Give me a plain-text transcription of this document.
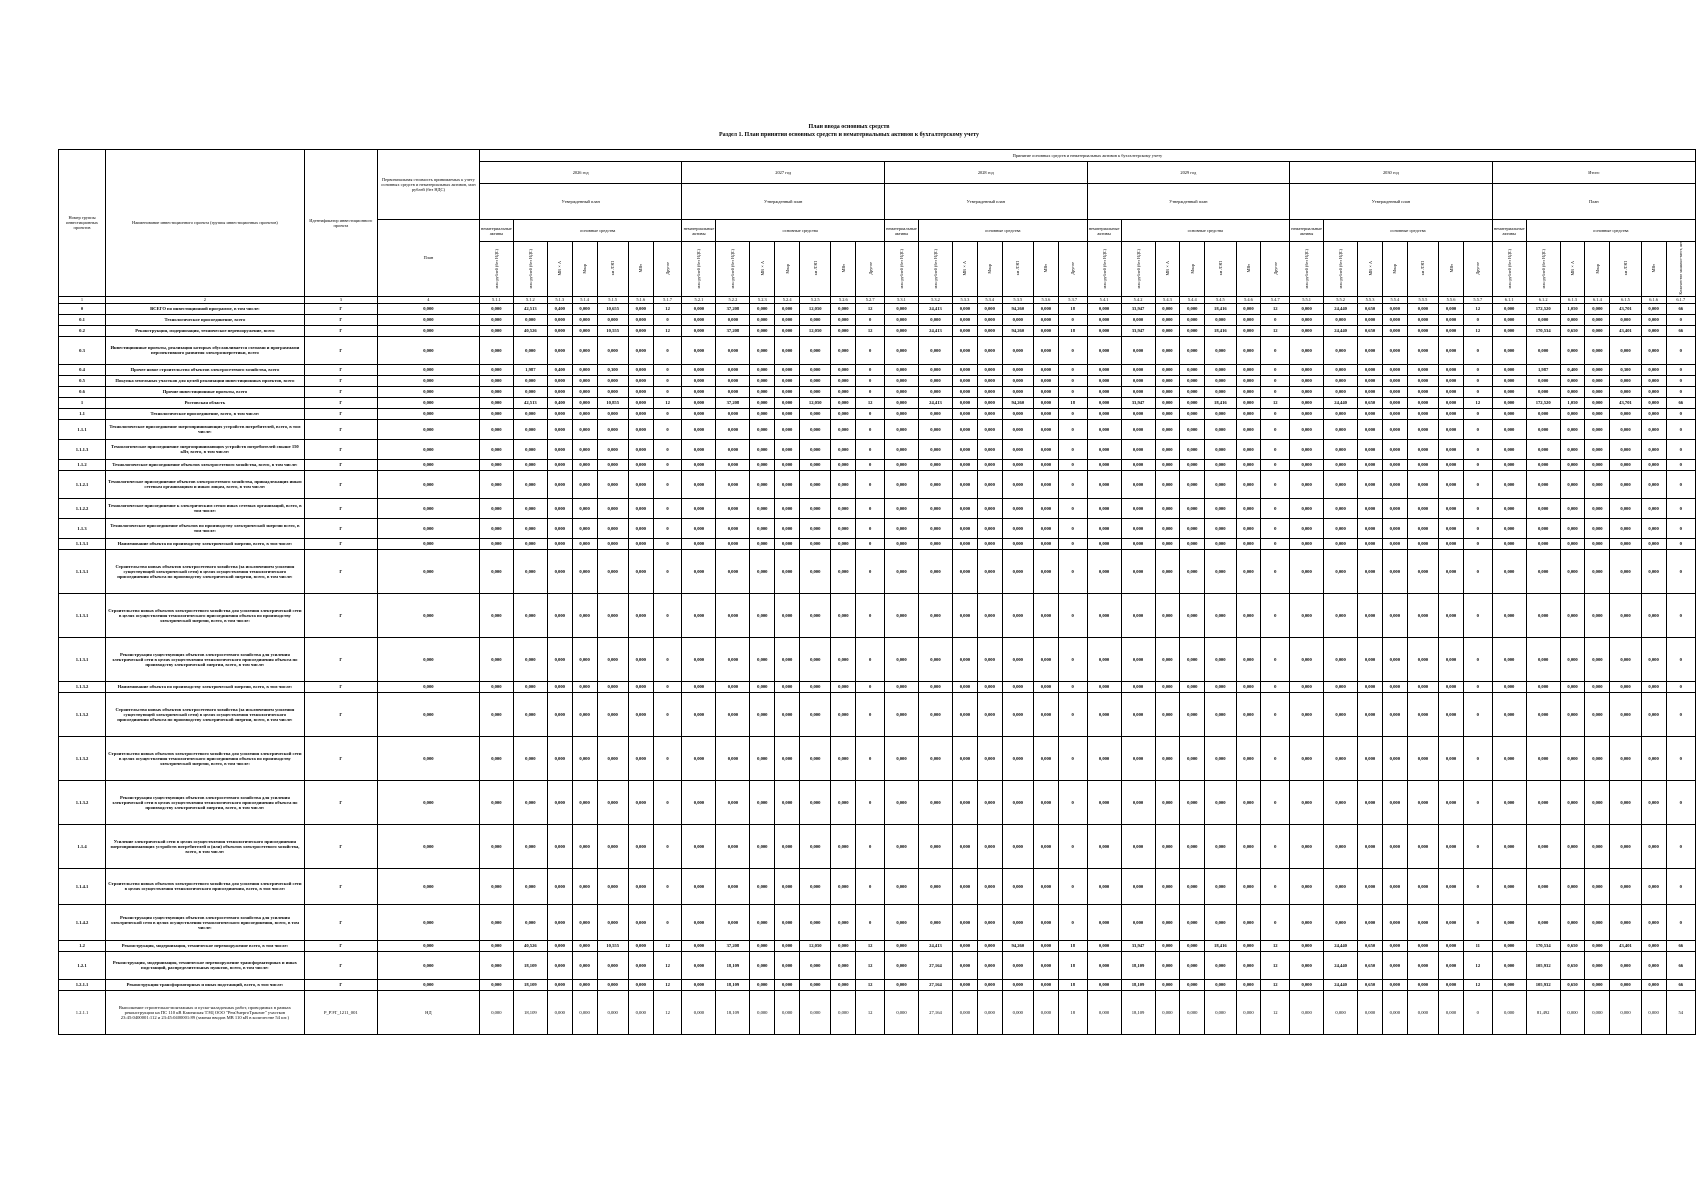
План ввода основных средств
Раздел 1. План принятия основных средств и нематериальных активов к бухгалтерскому учету
Номер группы инвестиционных проектов	Наименование инвестиционного проекта (группы инвестиционных проектов)	Идентификатор инвестиционного проекта	Первоначальная стоимость принимаемых к учету основных средств и нематериальных активов, млн рублей (без НДС)	Принятие основных средств и нематериальных активов к бухгалтерскому учету																																									
				2026 год							2027 год							2028 год							2029 год							2030 год							Итого						
				Утвержденный план							Утвержденный план							Утвержденный план							Утвержденный план							Утвержденный план							План						
			План	нематериальные активы	основные средства						нематериальные активы	основные средства						нематериальные активы	основные средства						нематериальные активы	основные средства						нематериальные активы	основные средства						нематериальные активы	основные средства					
				млн рублей (без НДС)	млн рублей (без НДС)	МВ×А	Мвар	км ЛЭП	МВт	Другое	млн рублей (без НДС)	млн рублей (без НДС)	МВ×А	Мвар	км ЛЭП	МВт	Другое	млн рублей (без НДС)	млн рублей (без НДС)	МВ×А	Мвар	км ЛЭП	МВт	Другое	млн рублей (без НДС)	млн рублей (без НДС)	МВ×А	Мвар	км ЛЭП	МВт	Другое	млн рублей (без НДС)	млн рублей (без НДС)	МВ×А	Мвар	км ЛЭП	МВт	Другое	млн рублей (без НДС)	млн рублей (без НДС)	МВ×А	Мвар	км ЛЭП	МВт	Количество машино-мест, шт
1	2	3	4	5.1.1	5.1.2	5.1.3	5.1.4	5.1.5	5.1.6	5.1.7	5.2.1	5.2.2	5.2.3	5.2.4	5.2.5	5.2.6	5.2.7	5.3.1	5.3.2	5.3.3	5.3.4	5.3.5	5.3.6	5.3.7	5.4.1	5.4.2	5.4.3	5.4.4	5.4.5	5.4.6	5.4.7	5.5.1	5.5.2	5.5.3	5.5.4	5.5.5	5.5.6	5.5.7	6.1.1	6.1.2	6.1.3	6.1.4	6.1.5	6.1.6	6.1.7
0	ВСЕГО по инвестиционной программе, в том числе:	Г	0,000	0,000	42,513	0,400	0,000	10,655	0,000	12	0,000	37,208	0,000	0,000	12,050	0,000	12	0,000	24,413	0,000	0,000	94,260	0,000	18	0,000	33,947	0,000	0,000	18,416	0,000	12	0,000	24,440	0,650	0,000	0,000	0,000	12	0,000	172,520	1,050	0,000	43,701	0,000	66
0.1	Технологическое присоединение, всего	Г	0,000	0,000	0,000	0,000	0,000	0,000	0,000	0	0,000	0,000	0,000	0,000	0,000	0,000	0	0,000	0,000	0,000	0,000	0,000	0,000	0	0,000	0,000	0,000	0,000	0,000	0,000	0	0,000	0,000	0,000	0,000	0,000	0,000	0	0,000	0,000	0,000	0,000	0,000	0,000	0
0.2	Реконструкция, модернизация, техническое перевооружение, всего	Г	0,000	0,000	40,526	0,000	0,000	10,555	0,000	12	0,000	37,208	0,000	0,000	12,050	0,000	12	0,000	24,413	0,000	0,000	94,260	0,000	18	0,000	33,947	0,000	0,000	18,416	0,000	12	0,000	24,440	0,650	0,000	0,000	0,000	12	0,000	170,534	0,650	0,000	43,401	0,000	66
0.3	Инвестиционные проекты, реализация которых обуславливается схемами и программами перспективного развития электроэнергетики, всего	Г	0,000	0,000	0,000	0,000	0,000	0,000	0,000	0	0,000	0,000	0,000	0,000	0,000	0,000	0	0,000	0,000	0,000	0,000	0,000	0,000	0	0,000	0,000	0,000	0,000	0,000	0,000	0	0,000	0,000	0,000	0,000	0,000	0,000	0	0,000	0,000	0,000	0,000	0,000	0,000	0
0.4	Прочее новое строительство объектов электросетевого хозяйства, всего	Г	0,000	0,000	1,987	0,400	0,000	0,300	0,000	0	0,000	0,000	0,000	0,000	0,000	0,000	0	0,000	0,000	0,000	0,000	0,000	0,000	0	0,000	0,000	0,000	0,000	0,000	0,000	0	0,000	0,000	0,000	0,000	0,000	0,000	0	0,000	1,987	0,400	0,000	0,300	0,000	0
0.5	Покупка земельных участков для целей реализации инвестиционных проектов, всего	Г	0,000	0,000	0,000	0,000	0,000	0,000	0,000	0	0,000	0,000	0,000	0,000	0,000	0,000	0	0,000	0,000	0,000	0,000	0,000	0,000	0	0,000	0,000	0,000	0,000	0,000	0,000	0	0,000	0,000	0,000	0,000	0,000	0,000	0	0,000	0,000	0,000	0,000	0,000	0,000	0
0.6	Прочие инвестиционные проекты, всего	Г	0,000	0,000	0,000	0,000	0,000	0,000	0,000	0	0,000	0,000	0,000	0,000	0,000	0,000	0	0,000	0,000	0,000	0,000	0,000	0,000	0	0,000	0,000	0,000	0,000	0,000	0,000	0	0,000	0,000	0,000	0,000	0,000	0,000	0	0,000	0,000	0,000	0,000	0,000	0,000	0
1	Ростовская область	Г	0,000	0,000	42,513	0,400	0,000	10,855	0,000	12	0,000	37,208	0,000	0,000	12,050	0,000	12	0,000	24,413	0,000	0,000	94,260	0,000	18	0,000	33,947	0,000	0,000	18,416	0,000	12	0,000	24,440	0,650	0,000	0,000	0,000	12	0,000	172,520	1,050	0,000	43,701	0,000	66
1.1	Технологическое присоединение, всего, в том числе:	Г	0,000	0,000	0,000	0,000	0,000	0,000	0,000	0	0,000	0,000	0,000	0,000	0,000	0,000	0	0,000	0,000	0,000	0,000	0,000	0,000	0	0,000	0,000	0,000	0,000	0,000	0,000	0	0,000	0,000	0,000	0,000	0,000	0,000	0	0,000	0,000	0,000	0,000	0,000	0,000	0
1.1.1	Технологическое присоединение энергопринимающих устройств потребителей, всего, в том числе:	Г	0,000	0,000	0,000	0,000	0,000	0,000	0,000	0	0,000	0,000	0,000	0,000	0,000	0,000	0	0,000	0,000	0,000	0,000	0,000	0,000	0	0,000	0,000	0,000	0,000	0,000	0,000	0	0,000	0,000	0,000	0,000	0,000	0,000	0	0,000	0,000	0,000	0,000	0,000	0,000	0
1.1.1.3	Технологическое присоединение энергопринимающих устройств потребителей свыше 150 кВт, всего, в том числе:	Г	0,000	0,000	0,000	0,000	0,000	0,000	0,000	0	0,000	0,000	0,000	0,000	0,000	0,000	0	0,000	0,000	0,000	0,000	0,000	0,000	0	0,000	0,000	0,000	0,000	0,000	0,000	0	0,000	0,000	0,000	0,000	0,000	0,000	0	0,000	0,000	0,000	0,000	0,000	0,000	0
1.1.2	Технологическое присоединение объектов электросетевого хозяйства, всего, в том числе:	Г	0,000	0,000	0,000	0,000	0,000	0,000	0,000	0	0,000	0,000	0,000	0,000	0,000	0,000	0	0,000	0,000	0,000	0,000	0,000	0,000	0	0,000	0,000	0,000	0,000	0,000	0,000	0	0,000	0,000	0,000	0,000	0,000	0,000	0	0,000	0,000	0,000	0,000	0,000	0,000	0
1.1.2.1	Технологическое присоединение объектов электросетевого хозяйства, принадлежащих иным сетевым организациям и иным лицам, всего, в том числе:	Г	0,000	0,000	0,000	0,000	0,000	0,000	0,000	0	0,000	0,000	0,000	0,000	0,000	0,000	0	0,000	0,000	0,000	0,000	0,000	0,000	0	0,000	0,000	0,000	0,000	0,000	0,000	0	0,000	0,000	0,000	0,000	0,000	0,000	0	0,000	0,000	0,000	0,000	0,000	0,000	0
1.1.2.2	Технологическое присоединение к электрическим сетям иных сетевых организаций, всего, в том числе:	Г	0,000	0,000	0,000	0,000	0,000	0,000	0,000	0	0,000	0,000	0,000	0,000	0,000	0,000	0	0,000	0,000	0,000	0,000	0,000	0,000	0	0,000	0,000	0,000	0,000	0,000	0,000	0	0,000	0,000	0,000	0,000	0,000	0,000	0	0,000	0,000	0,000	0,000	0,000	0,000	0
1.1.3	Технологическое присоединение объектов по производству электрической энергии всего, в том числе:	Г	0,000	0,000	0,000	0,000	0,000	0,000	0,000	0	0,000	0,000	0,000	0,000	0,000	0,000	0	0,000	0,000	0,000	0,000	0,000	0,000	0	0,000	0,000	0,000	0,000	0,000	0,000	0	0,000	0,000	0,000	0,000	0,000	0,000	0	0,000	0,000	0,000	0,000	0,000	0,000	0
1.1.3.1	Наименование объекта по производству электрической энергии, всего, в том числе:	Г	0,000	0,000	0,000	0,000	0,000	0,000	0,000	0	0,000	0,000	0,000	0,000	0,000	0,000	0	0,000	0,000	0,000	0,000	0,000	0,000	0	0,000	0,000	0,000	0,000	0,000	0,000	0	0,000	0,000	0,000	0,000	0,000	0,000	0	0,000	0,000	0,000	0,000	0,000	0,000	0
1.1.3.1	Строительство новых объектов электросетевого хозяйства (за исключением усиления существующей электрической сети) в целях осуществления технологического присоединения объекта по производству электрической энергии, всего, в том числе:	Г	0,000	0,000	0,000	0,000	0,000	0,000	0,000	0	0,000	0,000	0,000	0,000	0,000	0,000	0	0,000	0,000	0,000	0,000	0,000	0,000	0	0,000	0,000	0,000	0,000	0,000	0,000	0	0,000	0,000	0,000	0,000	0,000	0,000	0	0,000	0,000	0,000	0,000	0,000	0,000	0
1.1.3.1	Строительство новых объектов электросетевого хозяйства для усиления электрической сети в целях осуществления технологического присоединения объекта по производству электрической энергии, всего, в том числе:	Г	0,000	0,000	0,000	0,000	0,000	0,000	0,000	0	0,000	0,000	0,000	0,000	0,000	0,000	0	0,000	0,000	0,000	0,000	0,000	0,000	0	0,000	0,000	0,000	0,000	0,000	0,000	0	0,000	0,000	0,000	0,000	0,000	0,000	0	0,000	0,000	0,000	0,000	0,000	0,000	0
1.1.3.1	Реконструкция существующих объектов электросетевого хозяйства для усиления электрической сети в целях осуществления технологического присоединения объекта по производству электрической энергии, всего, в том числе:	Г	0,000	0,000	0,000	0,000	0,000	0,000	0,000	0	0,000	0,000	0,000	0,000	0,000	0,000	0	0,000	0,000	0,000	0,000	0,000	0,000	0	0,000	0,000	0,000	0,000	0,000	0,000	0	0,000	0,000	0,000	0,000	0,000	0,000	0	0,000	0,000	0,000	0,000	0,000	0,000	0
1.1.3.2	Наименование объекта по производству электрической энергии, всего, в том числе:	Г	0,000	0,000	0,000	0,000	0,000	0,000	0,000	0	0,000	0,000	0,000	0,000	0,000	0,000	0	0,000	0,000	0,000	0,000	0,000	0,000	0	0,000	0,000	0,000	0,000	0,000	0,000	0	0,000	0,000	0,000	0,000	0,000	0,000	0	0,000	0,000	0,000	0,000	0,000	0,000	0
1.1.3.2	Строительство новых объектов электросетевого хозяйства (за исключением усиления существующей электрической сети) в целях осуществления технологического присоединения объекта по производству электрической энергии, всего, в том числе:	Г	0,000	0,000	0,000	0,000	0,000	0,000	0,000	0	0,000	0,000	0,000	0,000	0,000	0,000	0	0,000	0,000	0,000	0,000	0,000	0,000	0	0,000	0,000	0,000	0,000	0,000	0,000	0	0,000	0,000	0,000	0,000	0,000	0,000	0	0,000	0,000	0,000	0,000	0,000	0,000	0
1.1.3.2	Строительство новых объектов электросетевого хозяйства для усиления электрической сети в целях осуществления технологического присоединения объекта по производству электрической энергии, всего, в том числе:	Г	0,000	0,000	0,000	0,000	0,000	0,000	0,000	0	0,000	0,000	0,000	0,000	0,000	0,000	0	0,000	0,000	0,000	0,000	0,000	0,000	0	0,000	0,000	0,000	0,000	0,000	0,000	0	0,000	0,000	0,000	0,000	0,000	0,000	0	0,000	0,000	0,000	0,000	0,000	0,000	0
1.1.3.2	Реконструкция существующих объектов электросетевого хозяйства для усиления электрической сети в целях осуществления технологического присоединения объекта по производству электрической энергии, всего, в том числе:	Г	0,000	0,000	0,000	0,000	0,000	0,000	0,000	0	0,000	0,000	0,000	0,000	0,000	0,000	0	0,000	0,000	0,000	0,000	0,000	0,000	0	0,000	0,000	0,000	0,000	0,000	0,000	0	0,000	0,000	0,000	0,000	0,000	0,000	0	0,000	0,000	0,000	0,000	0,000	0,000	0
1.1.4	Усиление электрической сети в целях осуществления технологического присоединения энергопринимающих устройств потребителей и (или) объектов электросетевого хозяйства, всего, в том числе:	Г	0,000	0,000	0,000	0,000	0,000	0,000	0,000	0	0,000	0,000	0,000	0,000	0,000	0,000	0	0,000	0,000	0,000	0,000	0,000	0,000	0	0,000	0,000	0,000	0,000	0,000	0,000	0	0,000	0,000	0,000	0,000	0,000	0,000	0	0,000	0,000	0,000	0,000	0,000	0,000	0
1.1.4.1	Строительство новых объектов электросетевого хозяйства для усиления электрической сети в целях осуществления технологического присоединения, всего, в том числе:	Г	0,000	0,000	0,000	0,000	0,000	0,000	0,000	0	0,000	0,000	0,000	0,000	0,000	0,000	0	0,000	0,000	0,000	0,000	0,000	0,000	0	0,000	0,000	0,000	0,000	0,000	0,000	0	0,000	0,000	0,000	0,000	0,000	0,000	0	0,000	0,000	0,000	0,000	0,000	0,000	0
1.1.4.2	Реконструкция существующих объектов электросетевого хозяйства для усиления электрической сети в целях осуществления технологического присоединения, всего, в том числе:	Г	0,000	0,000	0,000	0,000	0,000	0,000	0,000	0	0,000	0,000	0,000	0,000	0,000	0,000	0	0,000	0,000	0,000	0,000	0,000	0,000	0	0,000	0,000	0,000	0,000	0,000	0,000	0	0,000	0,000	0,000	0,000	0,000	0,000	0	0,000	0,000	0,000	0,000	0,000	0,000	0
1.2	Реконструкция, модернизация, техническое перевооружение всего, в том числе:	Г	0,000	0,000	40,526	0,000	0,000	10,555	0,000	12	0,000	37,208	0,000	0,000	12,050	0,000	12	0,000	24,413	0,000	0,000	94,260	0,000	18	0,000	33,947	0,000	0,000	18,416	0,000	12	0,000	24,440	0,650	0,000	0,000	0,000	11	0,000	170,534	0,650	0,000	43,401	0,000	66
1.2.1	Реконструкция, модернизация, техническое перевооружение трансформаторных и иных подстанций, распределительных пунктов, всего, в том числе:	Г	0,000	0,000	18,109	0,000	0,000	0,000	0,000	12	0,000	18,109	0,000	0,000	0,000	0,000	12	0,000	27,164	0,000	0,000	0,000	0,000	18	0,000	18,109	0,000	0,000	0,000	0,000	12	0,000	24,440	0,650	0,000	0,000	0,000	12	0,000	105,932	0,650	0,000	0,000	0,000	66
1.2.1.1	Реконструкция трансформаторных и иных подстанций, всего, в том числе:	Г	0,000	0,000	18,109	0,000	0,000	0,000	0,000	12	0,000	18,109	0,000	0,000	0,000	0,000	12	0,000	27,164	0,000	0,000	0,000	0,000	18	0,000	18,109	0,000	0,000	0,000	0,000	12	0,000	24,440	0,650	0,000	0,000	0,000	12	0,000	105,932	0,650	0,000	0,000	0,000	66
1.2.1.1	Выполнение строительно-монтажных и пуско-наладочных работ, проводимых в рамках реконструкции на ПС 110 кВ Каменская ТЭЦ ООО "РемЭнергоТранзит" участков 23:45:0400001:112 и 23:45:0400001:89 (замена вводов МВ 110 кВ в количестве 54 шт.)	P_РЭТ_1211_001	НД	0,000	18,109	0,000	0,000	0,000	0,000	12	0,000	18,109	0,000	0,000	0,000	0,000	12	0,000	27,164	0,000	0,000	0,000	0,000	18	0,000	18,109	0,000	0,000	0,000	0,000	12	0,000	0,000	0,000	0,000	0,000	0,000	0	0,000	81,492	0,000	0,000	0,000	0,000	54
